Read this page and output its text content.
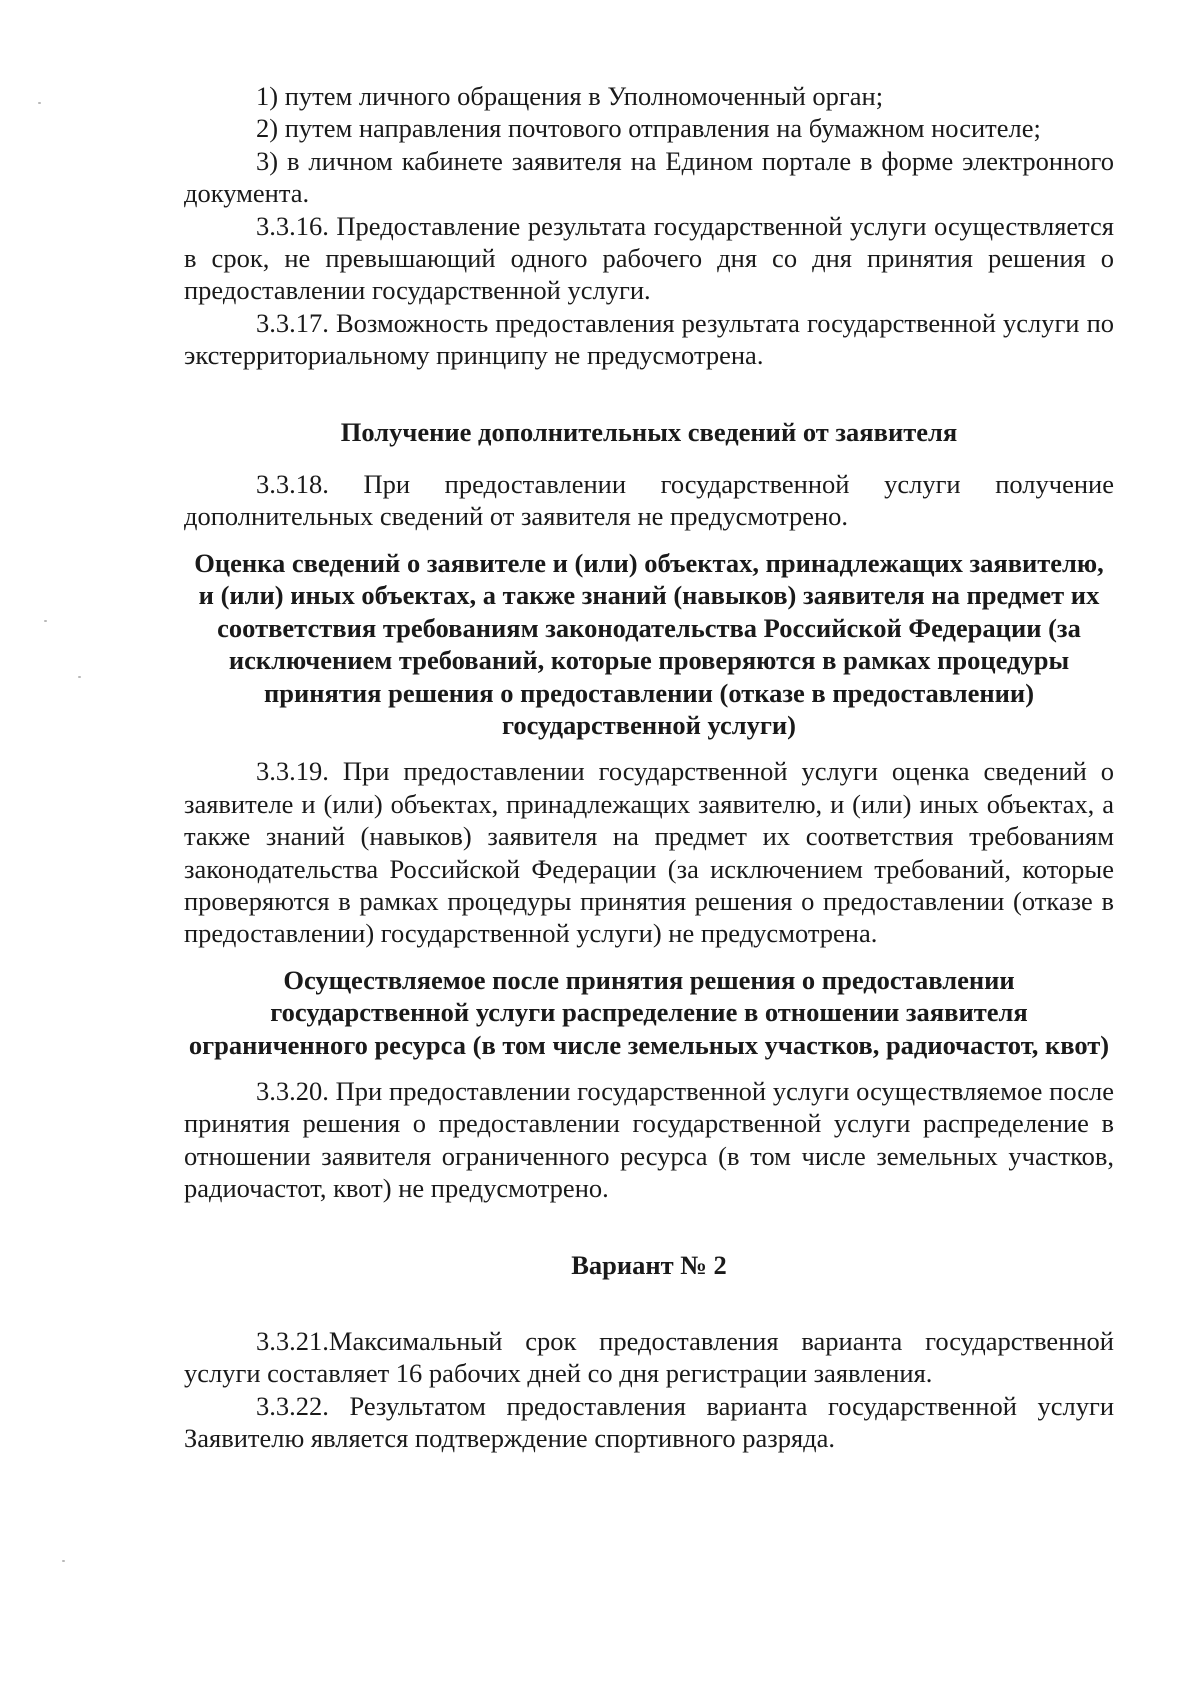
1) путем личного обращения в Уполномоченный орган;

2) путем направления почтового отправления на бумажном носителе;

3) в личном кабинете заявителя на Едином портале в форме электронного документа.

3.3.16. Предоставление результата государственной услуги осуществляется в срок, не превышающий одного рабочего дня со дня принятия решения о предоставлении государственной услуги.

3.3.17. Возможность предоставления результата государственной услуги по экстерриториальному принципу не предусмотрена.

Получение дополнительных сведений от заявителя

3.3.18. При предоставлении государственной услуги получение дополнительных сведений от заявителя не предусмотрено.

Оценка сведений о заявителе и (или) объектах, принадлежащих заявителю, и (или) иных объектах, а также знаний (навыков) заявителя на предмет их соответствия требованиям законодательства Российской Федерации (за исключением требований, которые проверяются в рамках процедуры принятия решения о предоставлении (отказе в предоставлении) государственной услуги)

3.3.19. При предоставлении государственной услуги оценка сведений о заявителе и (или) объектах, принадлежащих заявителю, и (или) иных объектах, а также знаний (навыков) заявителя на предмет их соответствия требованиям законодательства Российской Федерации (за исключением требований, которые проверяются в рамках процедуры принятия решения о предоставлении (отказе в предоставлении) государственной услуги) не предусмотрена.

Осуществляемое после принятия решения о предоставлении государственной услуги распределение в отношении заявителя ограниченного ресурса (в том числе земельных участков, радиочастот, квот)

3.3.20. При предоставлении государственной услуги осуществляемое после принятия решения о предоставлении государственной услуги распределение в отношении заявителя ограниченного ресурса (в том числе земельных участков, радиочастот, квот) не предусмотрено.

Вариант № 2

3.3.21.Максимальный срок предоставления варианта государственной услуги составляет 16 рабочих дней со дня регистрации заявления.

3.3.22. Результатом предоставления варианта государственной услуги Заявителю является подтверждение спортивного разряда.
